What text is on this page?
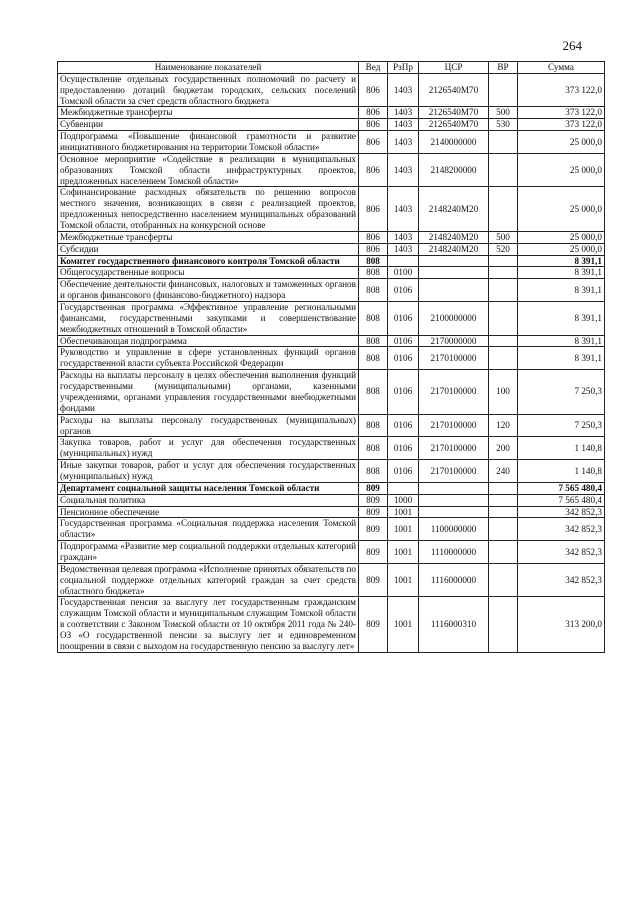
264
Наименование показателей	Вед	РзПр	ЦСР	ВР	Сумма
Осуществление отдельных государственных полномочий по расчету и предоставлению дотаций бюджетам городских, сельских поселений Томской области за счет средств областного бюджета	806	1403	2126540М70		373 122,0
Межбюджетные трансферты	806	1403	2126540М70	500	373 122,0
Субвенции	806	1403	2126540М70	530	373 122,0
Подпрограмма «Повышение финансовой грамотности и развитие инициативного бюджетирования на территории Томской области»	806	1403	2140000000		25 000,0
Основное мероприятие «Содействие в реализации в муниципальных образованиях Томской области инфраструктурных проектов, предложенных населением Томской области»	806	1403	2148200000		25 000,0
Софинансирование расходных обязательств по решению вопросов местного значения, возникающих в связи с реализацией проектов, предложенных непосредственно населением муниципальных образований Томской области, отобранных на конкурсной основе	806	1403	2148240М20		25 000,0
Межбюджетные трансферты	806	1403	2148240М20	500	25 000,0
Субсидии	806	1403	2148240М20	520	25 000,0
Комитет государственного финансового контроля Томской области	808				8 391,1
Общегосударственные вопросы	808	0100			8 391,1
Обеспечение деятельности финансовых, налоговых и таможенных органов и органов финансового (финансово-бюджетного) надзора	808	0106			8 391,1
Государственная программа «Эффективное управление региональными финансами, государственными закупками и совершенствование межбюджетных отношений в Томской области»	808	0106	2100000000		8 391,1
Обеспечивающая подпрограмма	808	0106	2170000000		8 391,1
Руководство и управление в сфере установленных функций органов государственной власти субъекта Российской Федерации	808	0106	2170100000		8 391,1
Расходы на выплаты персоналу в целях обеспечения выполнения функций государственными (муниципальными) органами, казенными учреждениями, органами управления государственными внебюджетными фондами	808	0106	2170100000	100	7 250,3
Расходы на выплаты персоналу государственных (муниципальных) органов	808	0106	2170100000	120	7 250,3
Закупка товаров, работ и услуг для обеспечения государственных (муниципальных) нужд	808	0106	2170100000	200	1 140,8
Иные закупки товаров, работ и услуг для обеспечения государственных (муниципальных) нужд	808	0106	2170100000	240	1 140,8
Департамент социальной защиты населения Томской области	809				7 565 480,4
Социальная политика	809	1000			7 565 480,4
Пенсионное обеспечение	809	1001			342 852,3
Государственная программа «Социальная поддержка населения Томской области»	809	1001	1100000000		342 852,3
Подпрограмма «Развитие мер социальной поддержки отдельных категорий граждан»	809	1001	1110000000		342 852,3
Ведомственная целевая программа «Исполнение принятых обязательств по социальной поддержке отдельных категорий граждан за счет средств областного бюджета»	809	1001	1116000000		342 852,3
Государственная пенсия за выслугу лет государственным гражданским служащим Томской области и муниципальным служащим Томской области в соответствии с Законом Томской области от 10 октября 2011 года № 240-ОЗ «О государственной пенсии за выслугу лет и единовременном поощрении в связи с выходом на государственную пенсию за выслугу лет»	809	1001	1116000310		313 200,0
